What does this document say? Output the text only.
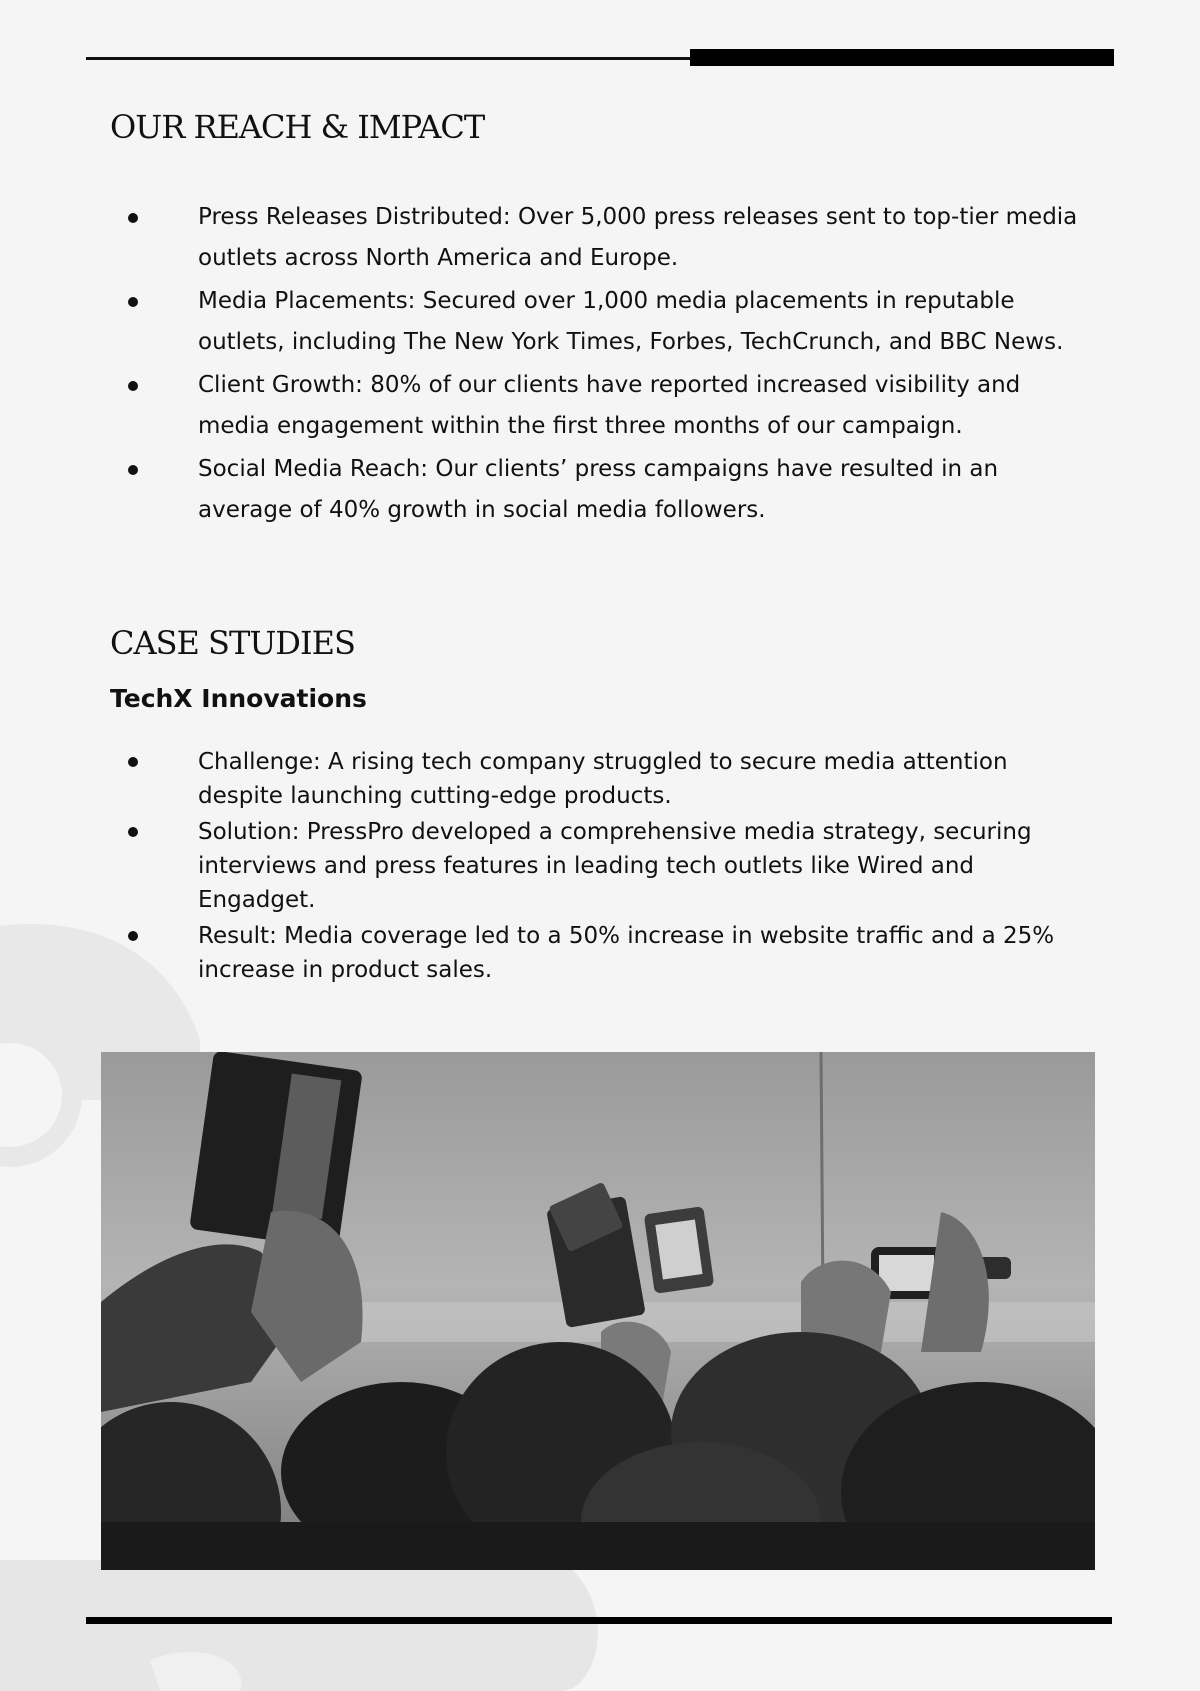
OUR REACH & IMPACT
Press Releases Distributed: Over 5,000 press releases sent to top-tier media outlets across North America and Europe.
Media Placements: Secured over 1,000 media placements in reputable outlets, including The New York Times, Forbes, TechCrunch, and BBC News.
Client Growth: 80% of our clients have reported increased visibility and media engagement within the first three months of our campaign.
Social Media Reach: Our clients’ press campaigns have resulted in an average of 40% growth in social media followers.
CASE STUDIES
TechX Innovations
Challenge: A rising tech company struggled to secure media attention despite launching cutting-edge products.
Solution: PressPro developed a comprehensive media strategy, securing interviews and press features in leading tech outlets like Wired and Engadget.
Result: Media coverage led to a 50% increase in website traffic and a 25% increase in product sales.
